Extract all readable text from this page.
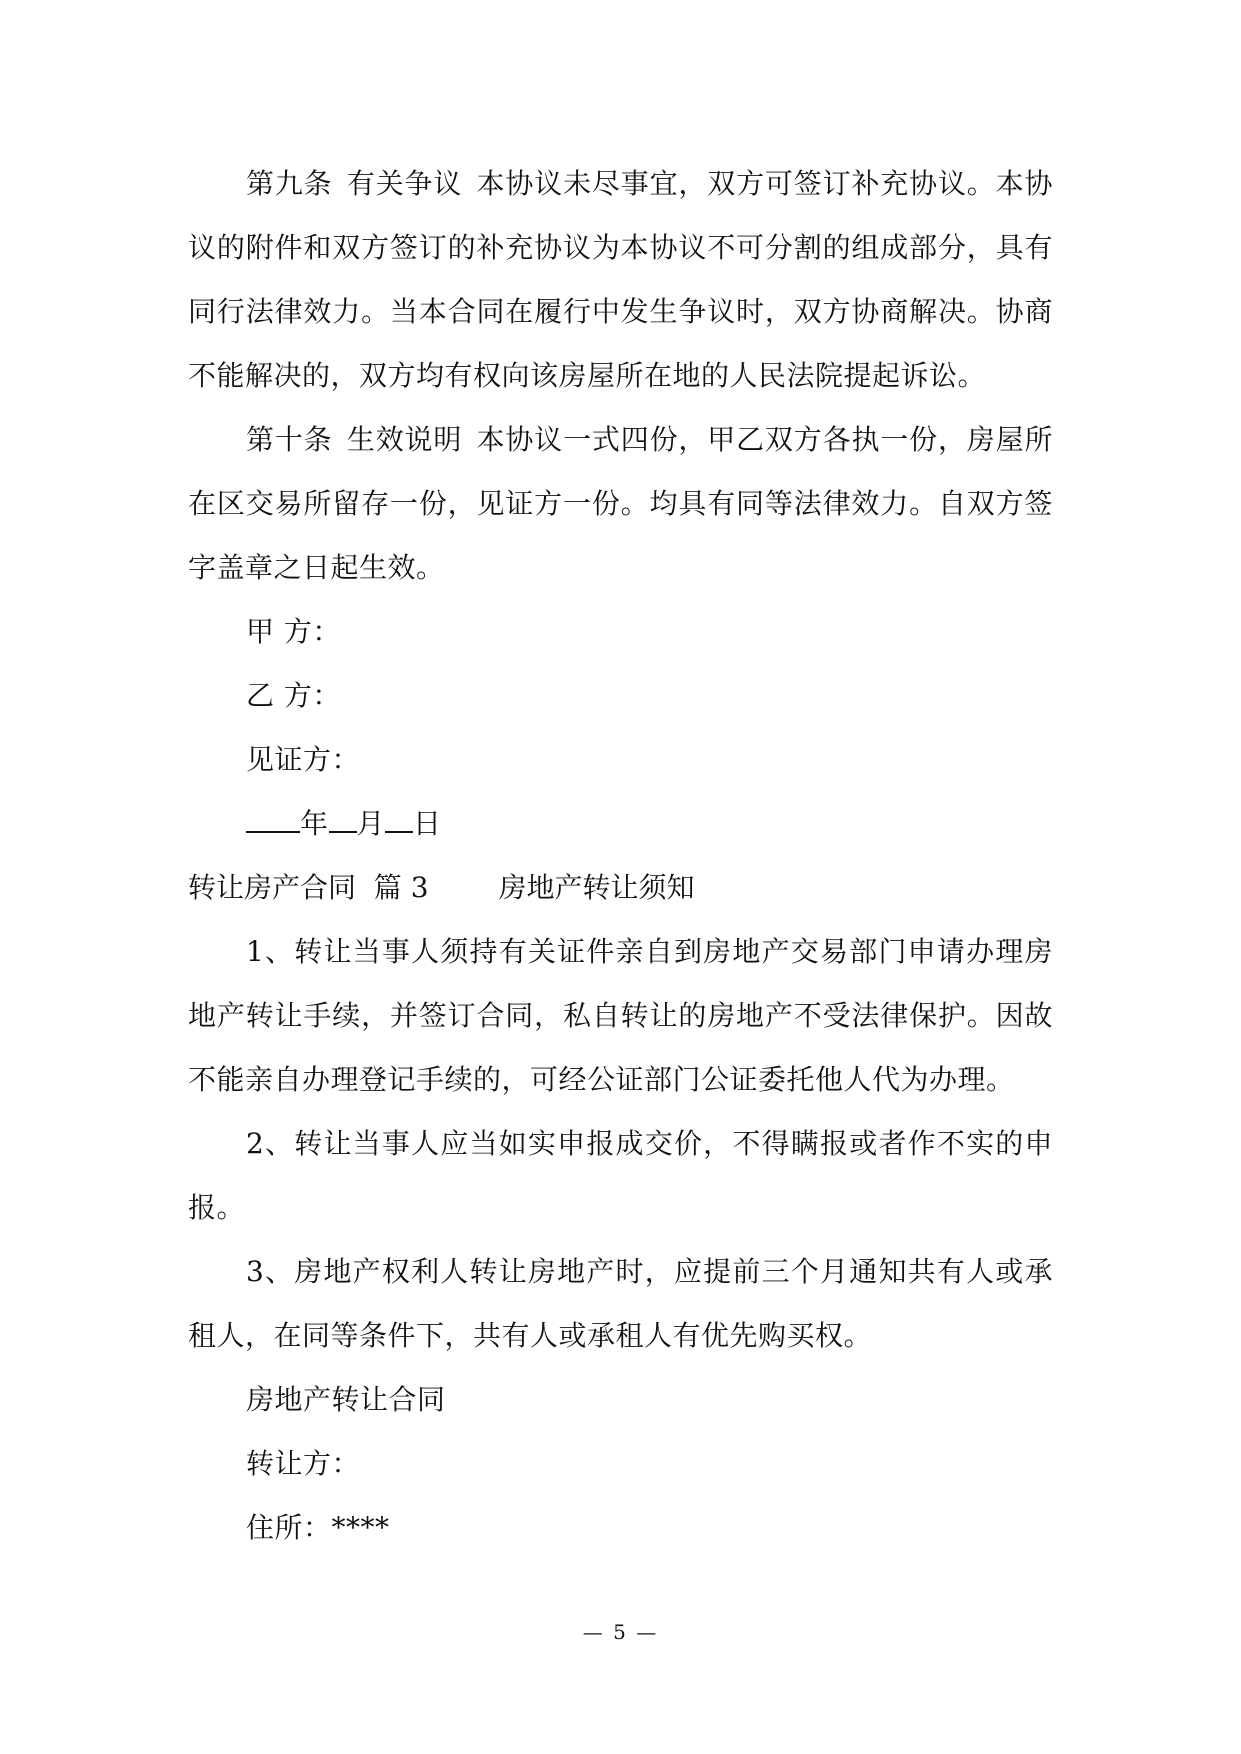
第九条 有关争议 本协议未尽事宜，双方可签订补充协议。本协议的附件和双方签订的补充协议为本协议不可分割的组成部分，具有同行法律效力。当本合同在履行中发生争议时，双方协商解决。协商不能解决的，双方均有权向该房屋所在地的人民法院提起诉讼。

第十条 生效说明 本协议一式四份，甲乙双方各执一份，房屋所在区交易所留存一份，见证方一份。均具有同等法律效力。自双方签字盖章之日起生效。

甲 方：

乙 方：

见证方：

年 月 日

转让房产合同  篇 3	房地产转让须知

1、转让当事人须持有关证件亲自到房地产交易部门申请办理房地产转让手续，并签订合同，私自转让的房地产不受法律保护。因故不能亲自办理登记手续的，可经公证部门公证委托他人代为办理。

2、转让当事人应当如实申报成交价，不得瞒报或者作不实的申报。

3、房地产权利人转让房地产时，应提前三个月通知共有人或承租人，在同等条件下，共有人或承租人有优先购买权。

房地产转让合同

转让方：

住所：****

— 5 —
